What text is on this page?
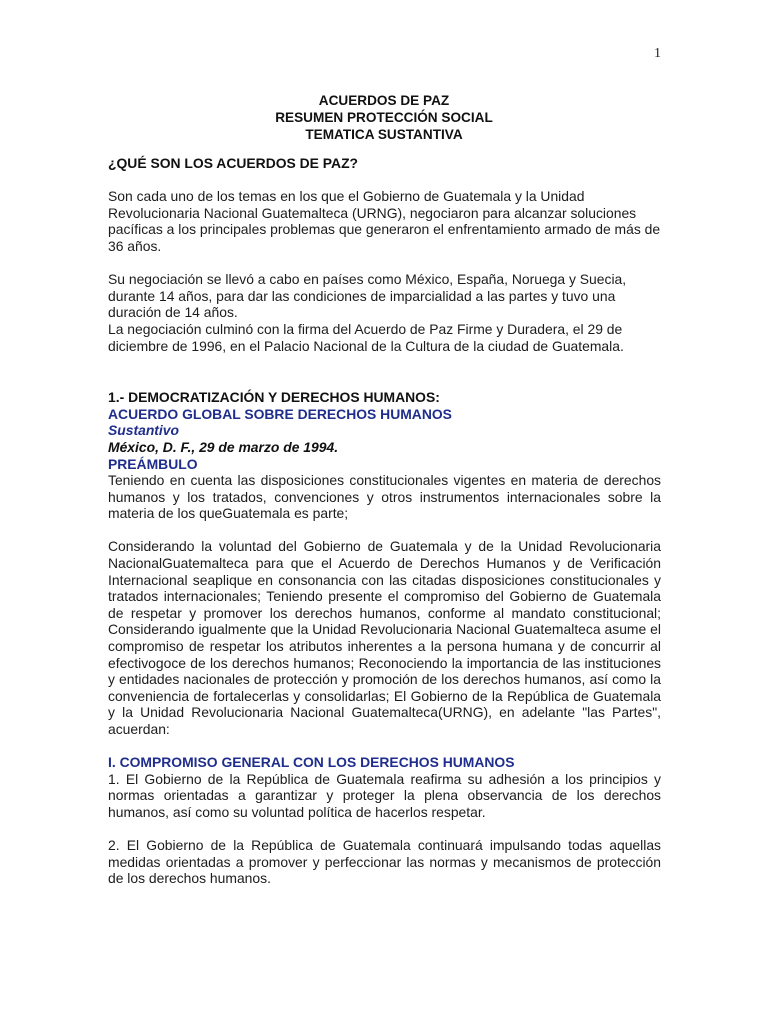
1
ACUERDOS DE PAZ
RESUMEN PROTECCIÓN SOCIAL
TEMATICA SUSTANTIVA

¿QUÉ SON LOS ACUERDOS DE PAZ?

Son cada uno de los temas en los que el Gobierno de Guatemala y la Unidad Revolucionaria Nacional Guatemalteca (URNG), negociaron para alcanzar soluciones pacíficas a los principales problemas que generaron el enfrentamiento armado de más de 36 años.

Su negociación se llevó a cabo en países como México, España, Noruega y Suecia, durante 14 años, para dar las condiciones de imparcialidad a las partes y tuvo una duración de 14 años.

La negociación culminó con la firma del Acuerdo de Paz Firme y Duradera, el 29 de diciembre de 1996, en el Palacio Nacional de la Cultura de la ciudad de Guatemala.

1.- DEMOCRATIZACIÓN Y DERECHOS HUMANOS:

ACUERDO GLOBAL SOBRE DERECHOS HUMANOS

Sustantivo

México, D. F., 29 de marzo de 1994.

PREÁMBULO

Teniendo en cuenta las disposiciones constitucionales vigentes en materia de derechos humanos y los tratados, convenciones y otros instrumentos internacionales sobre la materia de los queGuatemala es parte;

Considerando la voluntad del Gobierno de Guatemala y de la Unidad Revolucionaria NacionalGuatemalteca para que el Acuerdo de Derechos Humanos y de Verificación Internacional seaplique en consonancia con las citadas disposiciones constitucionales y tratados internacionales; Teniendo presente el compromiso del Gobierno de Guatemala de respetar y promover los derechos humanos, conforme al mandato constitucional; Considerando igualmente que la Unidad Revolucionaria Nacional Guatemalteca asume el compromiso de respetar los atributos inherentes a la persona humana y de concurrir al efectivogoce de los derechos humanos; Reconociendo la importancia de las instituciones y entidades nacionales de protección y promoción de los derechos humanos, así como la conveniencia de fortalecerlas y consolidarlas; El Gobierno de la República de Guatemala y la Unidad Revolucionaria Nacional Guatemalteca(URNG), en adelante "las Partes", acuerdan:

I. COMPROMISO GENERAL CON LOS DERECHOS HUMANOS

1. El Gobierno de la República de Guatemala reafirma su adhesión a los principios y normas orientadas a garantizar y proteger la plena observancia de los derechos humanos, así como su voluntad política de hacerlos respetar.

2. El Gobierno de la República de Guatemala continuará impulsando todas aquellas medidas orientadas a promover y perfeccionar las normas y mecanismos de protección de los derechos humanos.
